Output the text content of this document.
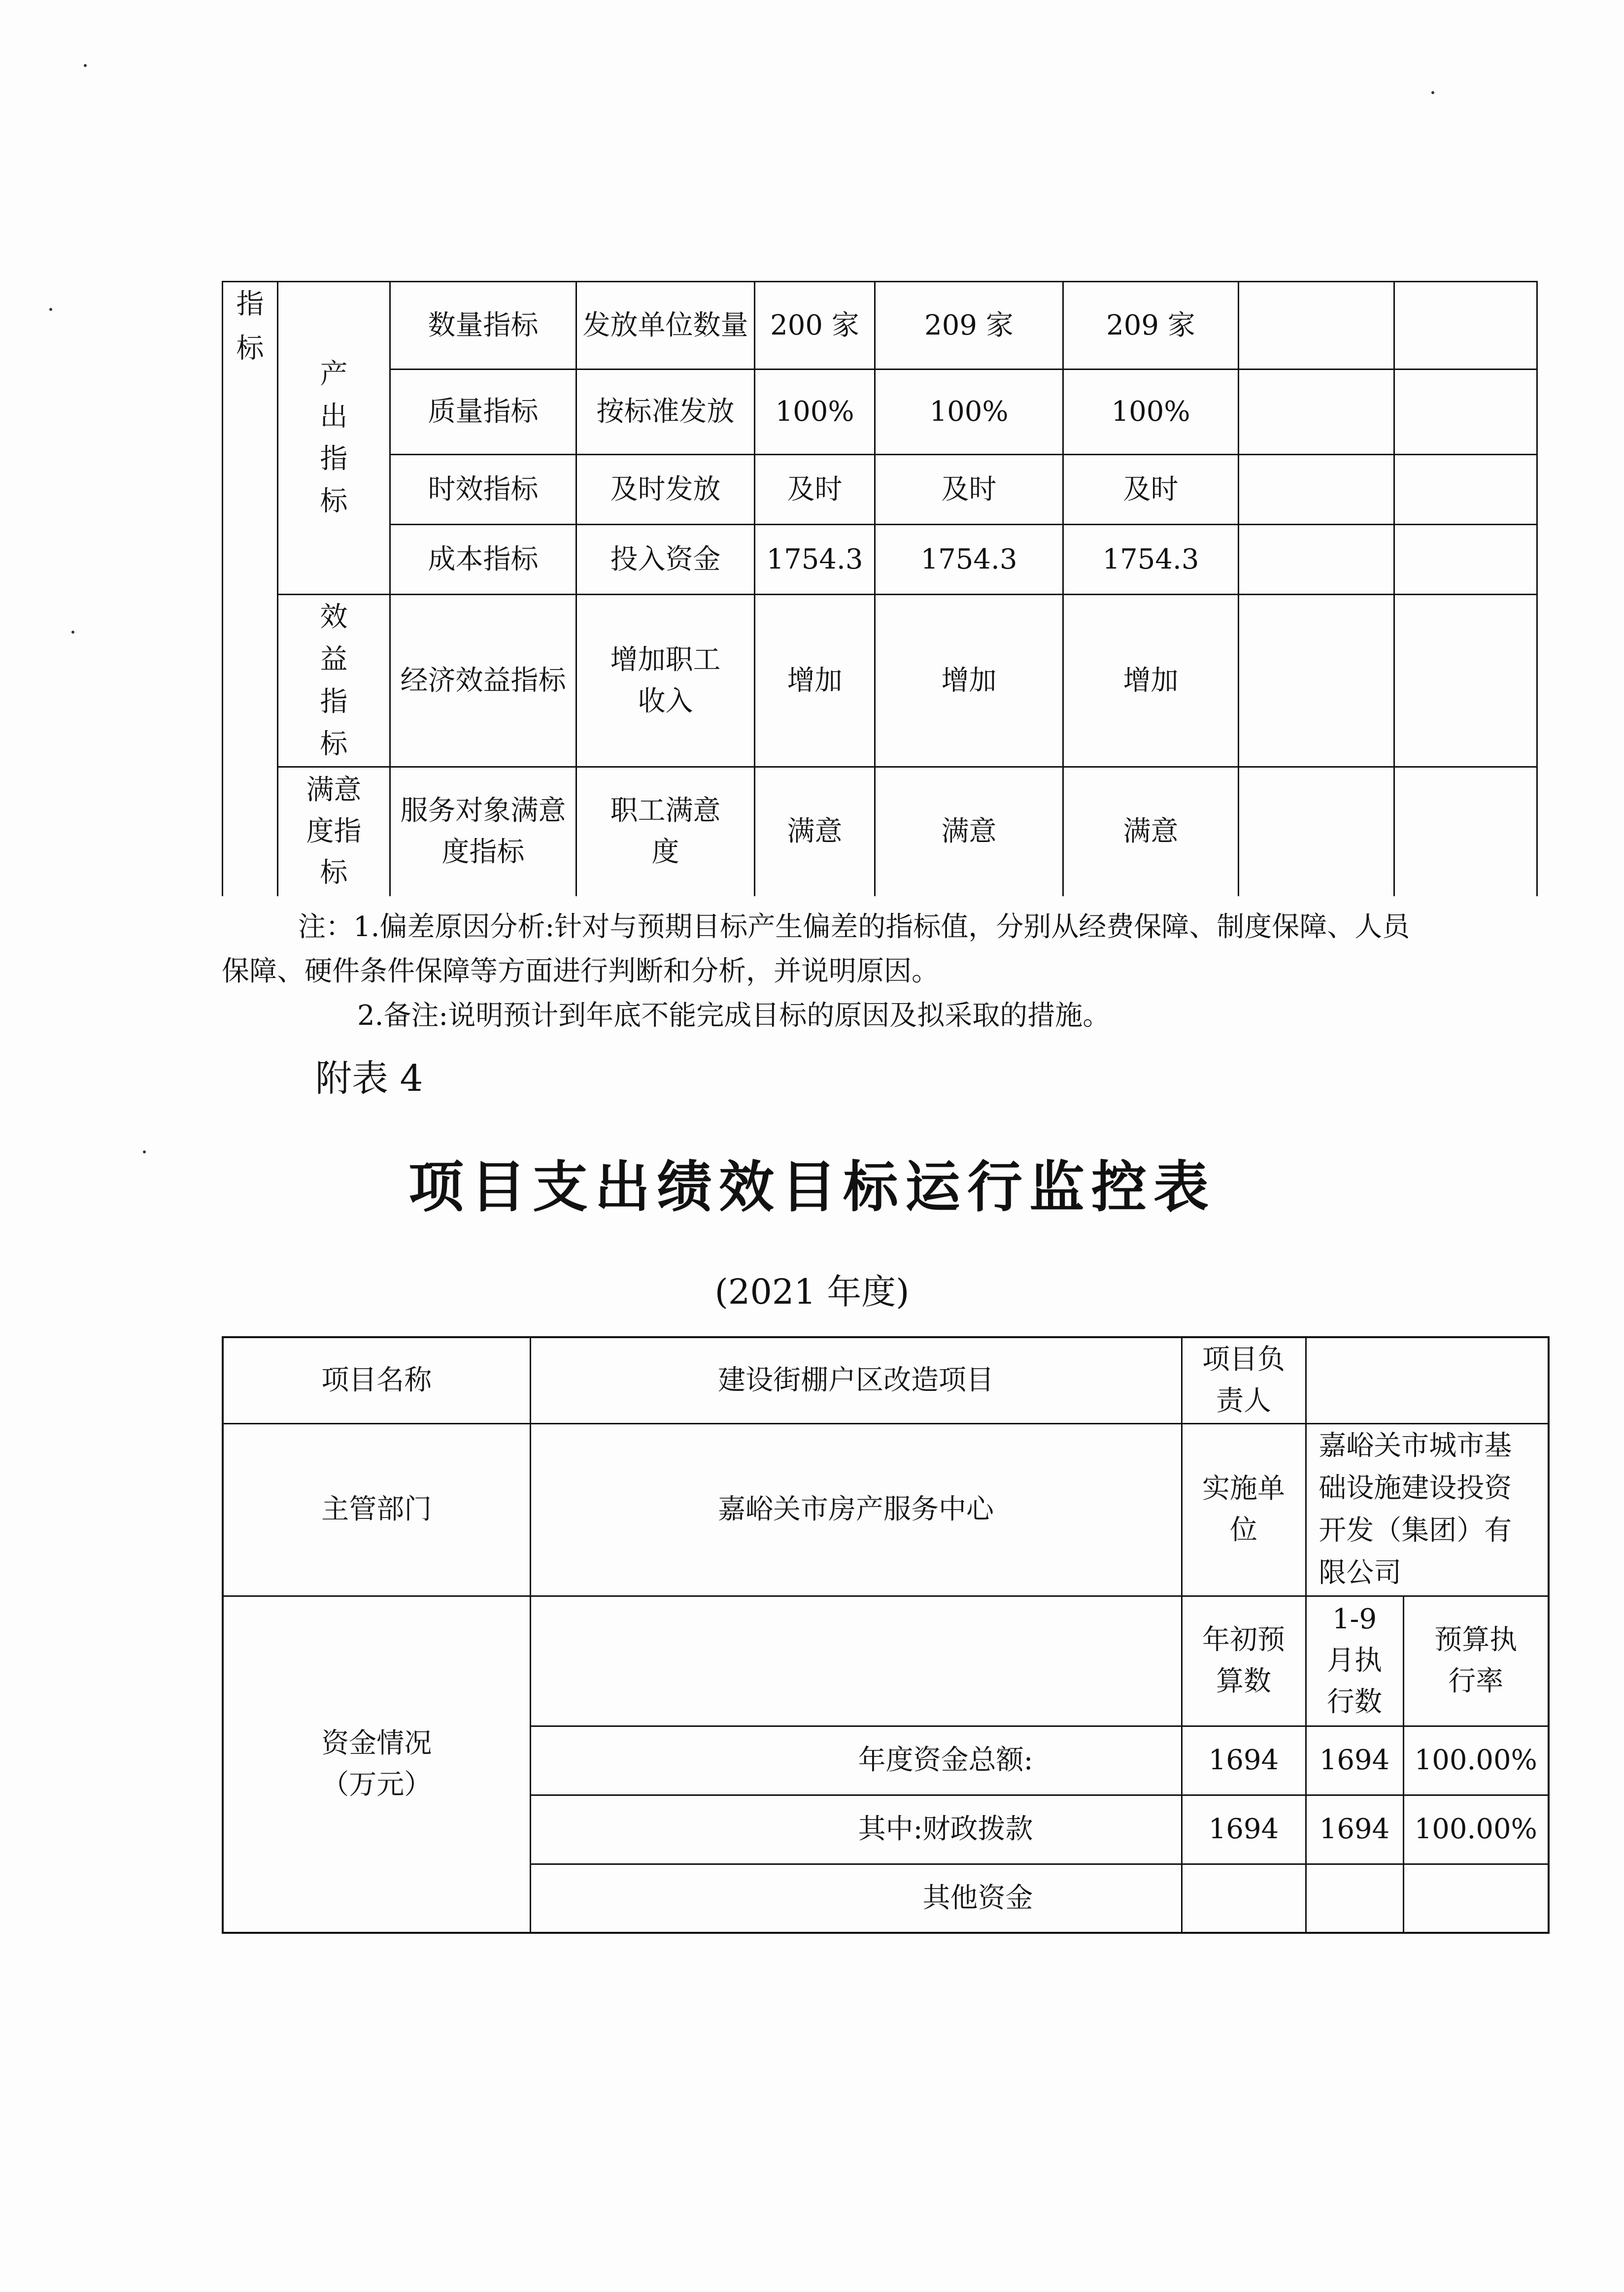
指标	产出指标	数量指标	发放单位数量	200 家	209 家	209 家		
		质量指标	按标准发放	100%	100%	100%		
		时效指标	及时发放	及时	及时	及时		
		成本指标	投入资金	1754.3	1754.3	1754.3		

	效益指标	经济效益指标	增加职工收入	增加	增加	增加		

	满意度指标	服务对象满意度指标	职工满意度	满意	满意	满意		
注：1.偏差原因分析:针对与预期目标产生偏差的指标值，分别从经费保障、制度保障、人员
保障、硬件条件保障等方面进行判断和分析，并说明原因。
2.备注:说明预计到年底不能完成目标的原因及拟采取的措施。
附表 4
项目支出绩效目标运行监控表
(2021 年度)
项目名称	建设街棚户区改造项目	项目负责人		

主管部门	嘉峪关市房产服务中心	实施单位	嘉峪关市城市基础设施建设投资开发（集团）有限公司	

资金情况（万元）		年初预算数	1-9月执行数	预算执行率

	年度资金总额:	1694	1694	100.00%
	其中:财政拨款	1694	1694	100.00%
	其他资金			
